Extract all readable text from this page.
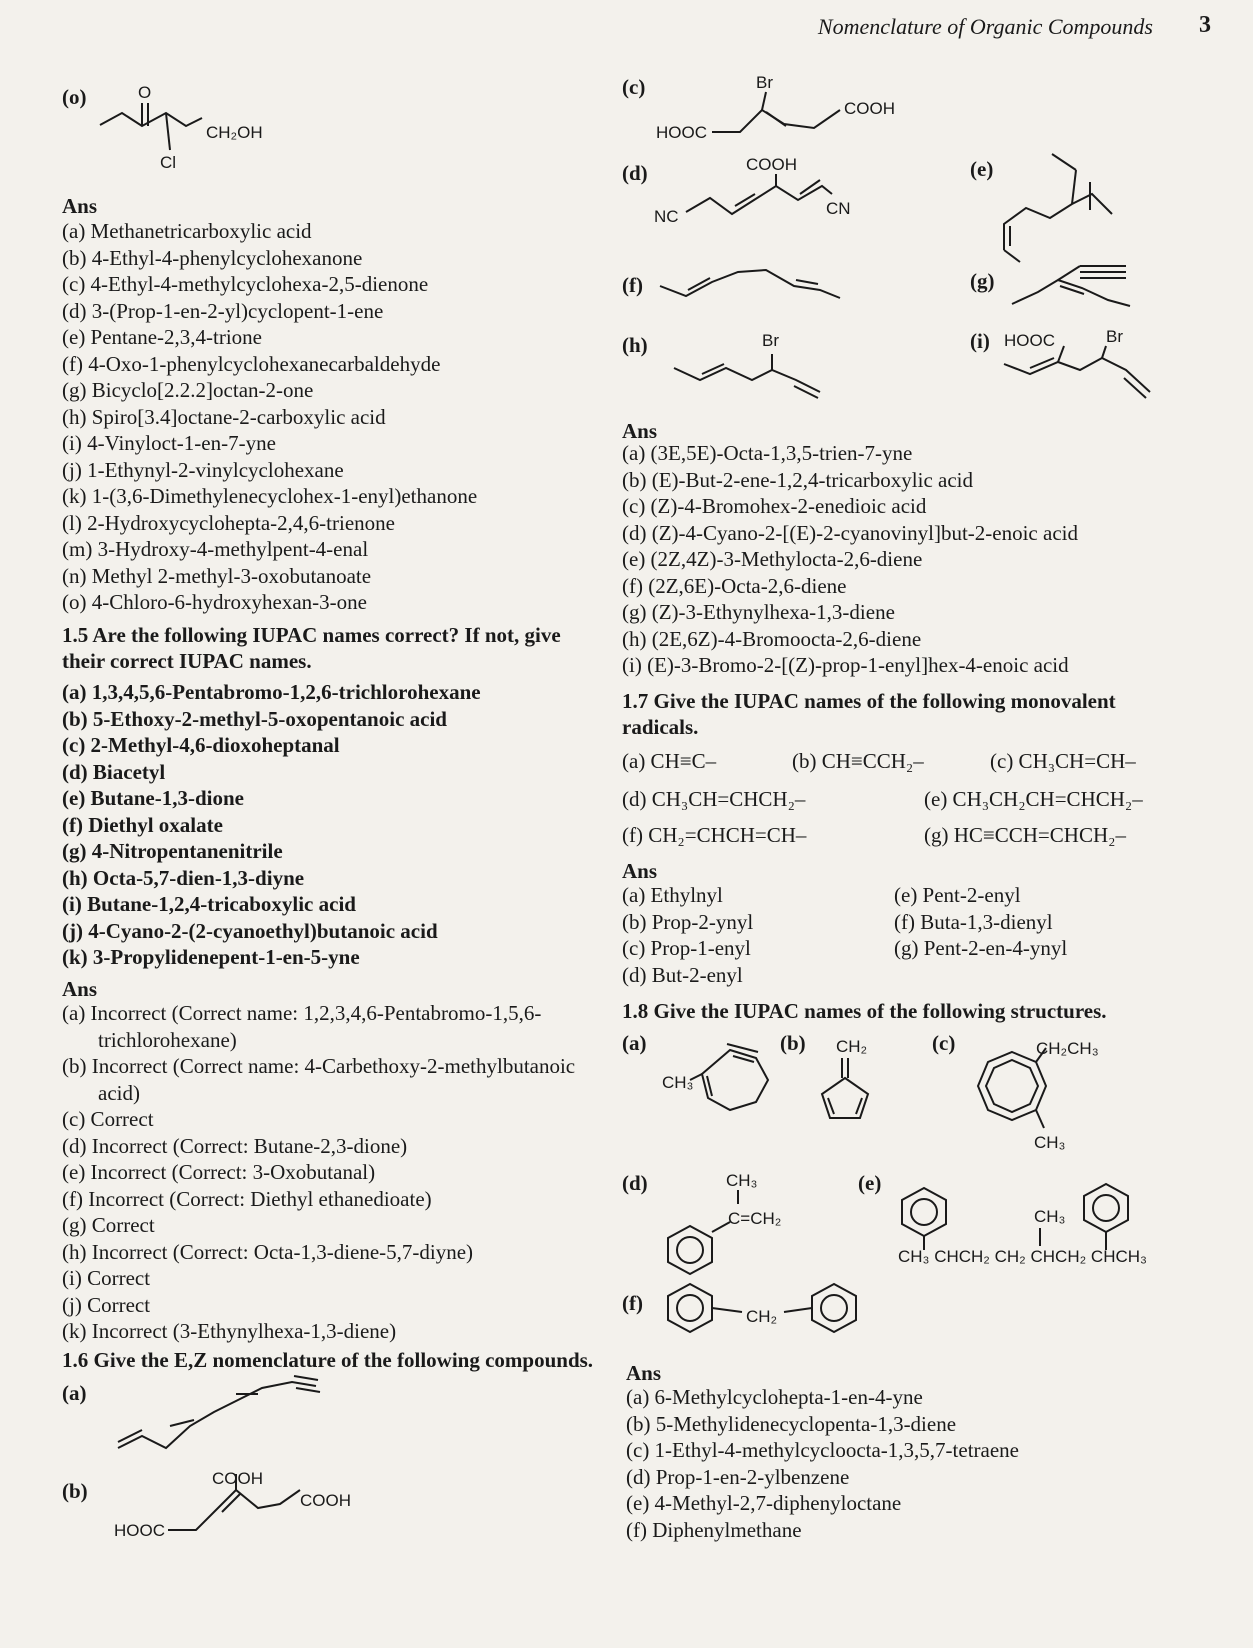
Nomenclature of Organic Compounds 3
(o)	O
CH₂OH
Cl
Ans
(a) Methanetricarboxylic acid
(b) 4-Ethyl-4-phenylcyclohexanone
(c) 4-Ethyl-4-methylcyclohexa-2,5-dienone
(d) 3-(Prop-1-en-2-yl)cyclopent-1-ene
(e) Pentane-2,3,4-trione
(f) 4-Oxo-1-phenylcyclohexanecarbaldehyde
(g) Bicyclo[2.2.2]octan-2-one
(h) Spiro[3.4]octane-2-carboxylic acid
(i) 4-Vinyloct-1-en-7-yne
(j) 1-Ethynyl-2-vinylcyclohexane
(k) 1-(3,6-Dimethylenecyclohex-1-enyl)ethanone
(l) 2-Hydroxycyclohepta-2,4,6-trienone
(m) 3-Hydroxy-4-methylpent-4-enal
(n) Methyl 2-methyl-3-oxobutanoate
(o) 4-Chloro-6-hydroxyhexan-3-one
1.5 Are the following IUPAC names correct? If not, give
their correct IUPAC names.
(a) 1,3,4,5,6-Pentabromo-1,2,6-trichlorohexane
(b) 5-Ethoxy-2-methyl-5-oxopentanoic acid
(c) 2-Methyl-4,6-dioxoheptanal
(d) Biacetyl
(e) Butane-1,3-dione
(f) Diethyl oxalate
(g) 4-Nitropentanenitrile
(h) Octa-5,7-dien-1,3-diyne
(i) Butane-1,2,4-tricaboxylic acid
(j) 4-Cyano-2-(2-cyanoethyl)butanoic acid
(k) 3-Propylidenepent-1-en-5-yne
Ans
(a) Incorrect (Correct name: 1,2,3,4,6-Pentabromo-1,5,6-
trichlorohexane)
(b) Incorrect (Correct name: 4-Carbethoxy-2-methylbutanoic
acid)
(c) Correct
(d) Incorrect (Correct: Butane-2,3-dione)
(e) Incorrect (Correct: 3-Oxobutanal)
(f) Incorrect (Correct: Diethyl ethanedioate)
(g) Correct
(h) Incorrect (Correct: Octa-1,3-diene-5,7-diyne)
(i) Correct
(j) Correct
(k) Incorrect (3-Ethynylhexa-1,3-diene)
1.6 Give the E,Z nomenclature of the following compounds.
(a)
(b)
COOH
COOH
HOOC
(c)	Br
COOH
HOOC
(d)	COOH
NC	CN
(e)
(f)	(g)
(h)	Br	(i) HOOC	Br
Ans
(a) (3E,5E)-Octa-1,3,5-trien-7-yne
(b) (E)-But-2-ene-1,2,4-tricarboxylic acid
(c) (Z)-4-Bromohex-2-enedioic acid
(d) (Z)-4-Cyano-2-[(E)-2-cyanovinyl]but-2-enoic acid
(e) (2Z,4Z)-3-Methylocta-2,6-diene
(f) (2Z,6E)-Octa-2,6-diene
(g) (Z)-3-Ethynylhexa-1,3-diene
(h) (2E,6Z)-4-Bromoocta-2,6-diene
(i) (E)-3-Bromo-2-[(Z)-prop-1-enyl]hex-4-enoic acid
1.7 Give the IUPAC names of the following monovalent
radicals.
(a) CH≡C–	(b) CH≡CCH₂–	(c) CH₃CH=CH–
(d) CH₃CH=CHCH₂–	(e) CH₃CH₂CH=CHCH₂–
(f) CH₂=CHCH=CH–	(g) HC≡CCH=CHCH₂–
Ans
(a) Ethylnyl
(b) Prop-2-ynyl
(c) Prop-1-enyl
(d) But-2-enyl
(e) Pent-2-enyl
(f) Buta-1,3-dienyl
(g) Pent-2-en-4-ynyl
1.8 Give the IUPAC names of the following structures.
(a)	(b)	(c)
(d)	(e)
(f)
CH₃
CH₂	CH₂CH₃
CH₃
CH₃
C=CH₂	CH₃
CH₃ CHCH₂ CH₂ CHCH₂ CHCH₃
CH₂
Ans
(a) 6-Methylcyclohepta-1-en-4-yne
(b) 5-Methylidenecyclopenta-1,3-diene
(c) 1-Ethyl-4-methylcycloocta-1,3,5,7-tetraene
(d) Prop-1-en-2-ylbenzene
(e) 4-Methyl-2,7-diphenyloctane
(f) Diphenylmethane
